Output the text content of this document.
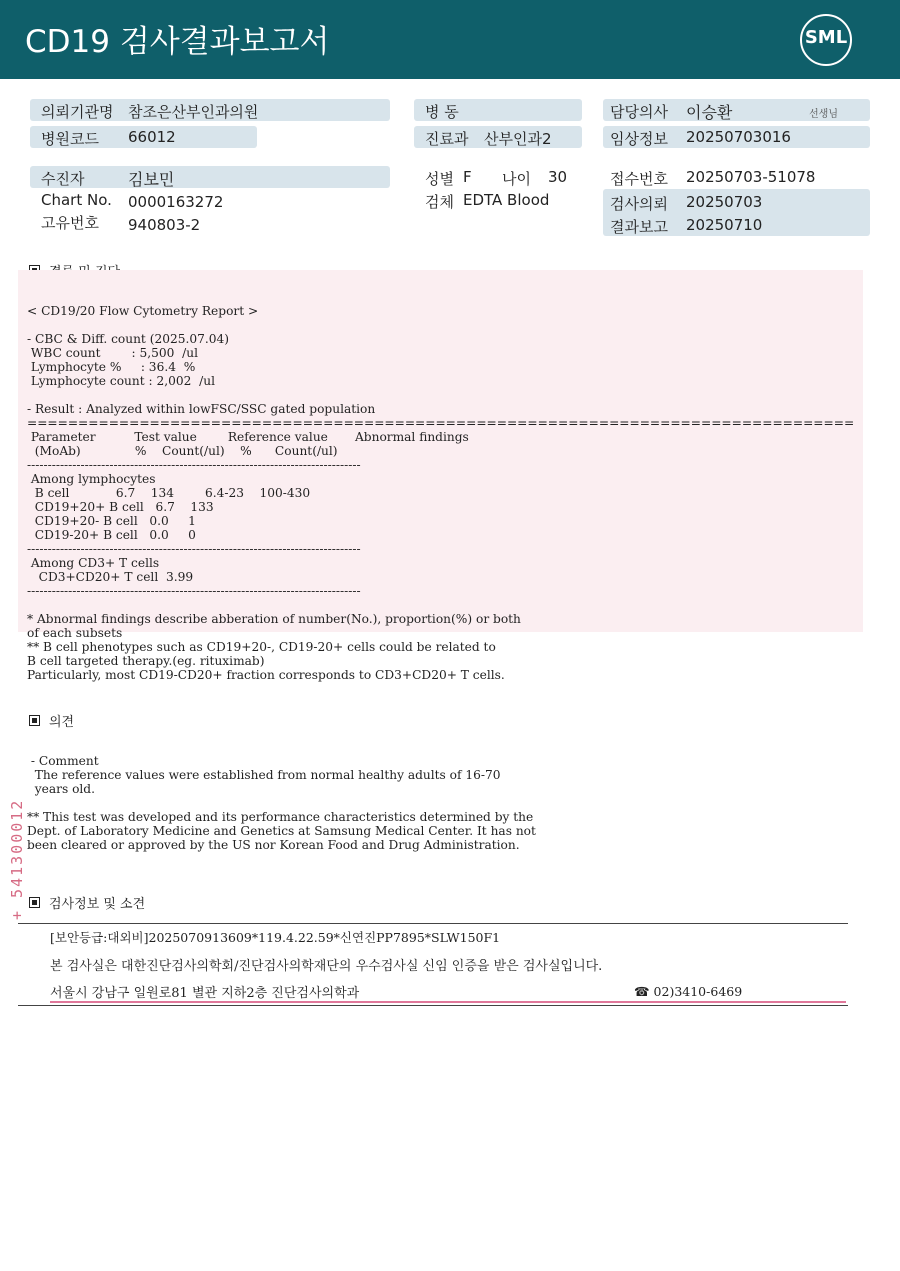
CD19 검사결과보고서	SML
의뢰기관명 참조은산부인과의원
병원코드 66012
병 동
진료과 산부인과2
담당의사 이승환	선생님
임상정보 20250703016
수진자	김보민
Chart No. 0000163272
고유번호 940803-2
성별 F 나이 30
검체 EDTA Blood
접수번호 20250703-51078
검사의뢰 20250703
결과보고 20250710
< CD19/20 Flow Cytometry Report >

- CBC & Diff. count (2025.07.04)
WBC count        : 5,500  /ul
Lymphocyte %     : 36.4  %
Lymphocyte count : 2,002  /ul

- Result : Analyzed within lowFSC/SSC gated population
=================================================================================
Parameter          Test value        Reference value       Abnormal findings
(MoAb)              %    Count(/ul)    %      Count(/ul)
---------------------------------------------------------------------------------
Among lymphocytes
B cell            6.7    134        6.4-23    100-430
CD19+20+ B cell   6.7    133
CD19+20- B cell   0.0     1
CD19-20+ B cell   0.0     0
---------------------------------------------------------------------------------
Among CD3+ T cells
CD3+CD20+ T cell  3.99
---------------------------------------------------------------------------------

* Abnormal findings describe abberation of number(No.), proportion(%) or both
of each subsets
** B cell phenotypes such as CD19+20-, CD19-20+ cells could be related to
B cell targeted therapy.(eg. rituximab)
Particularly, most CD19-CD20+ fraction corresponds to CD3+CD20+ T cells.
의견
- Comment
The reference values were established from normal healthy adults of 16-70
years old.

** This test was developed and its performance characteristics determined by the
Dept. of Laboratory Medicine and Genetics at Samsung Medical Center. It has not
been cleared or approved by the US nor Korean Food and Drug Administration.
+ 541300012	검사정보 및 소견
[보안등급:대외비]2025070913609*119.4.22.59*신연진PP7895*SLW150F1
본 검사실은 대한진단검사의학회/진단검사의학재단의 우수검사실 신임 인증을 받은 검사실입니다.
서울시 강남구 일원로81 별관 지하2층 진단검사의학과	☎ 02)3410-6469
